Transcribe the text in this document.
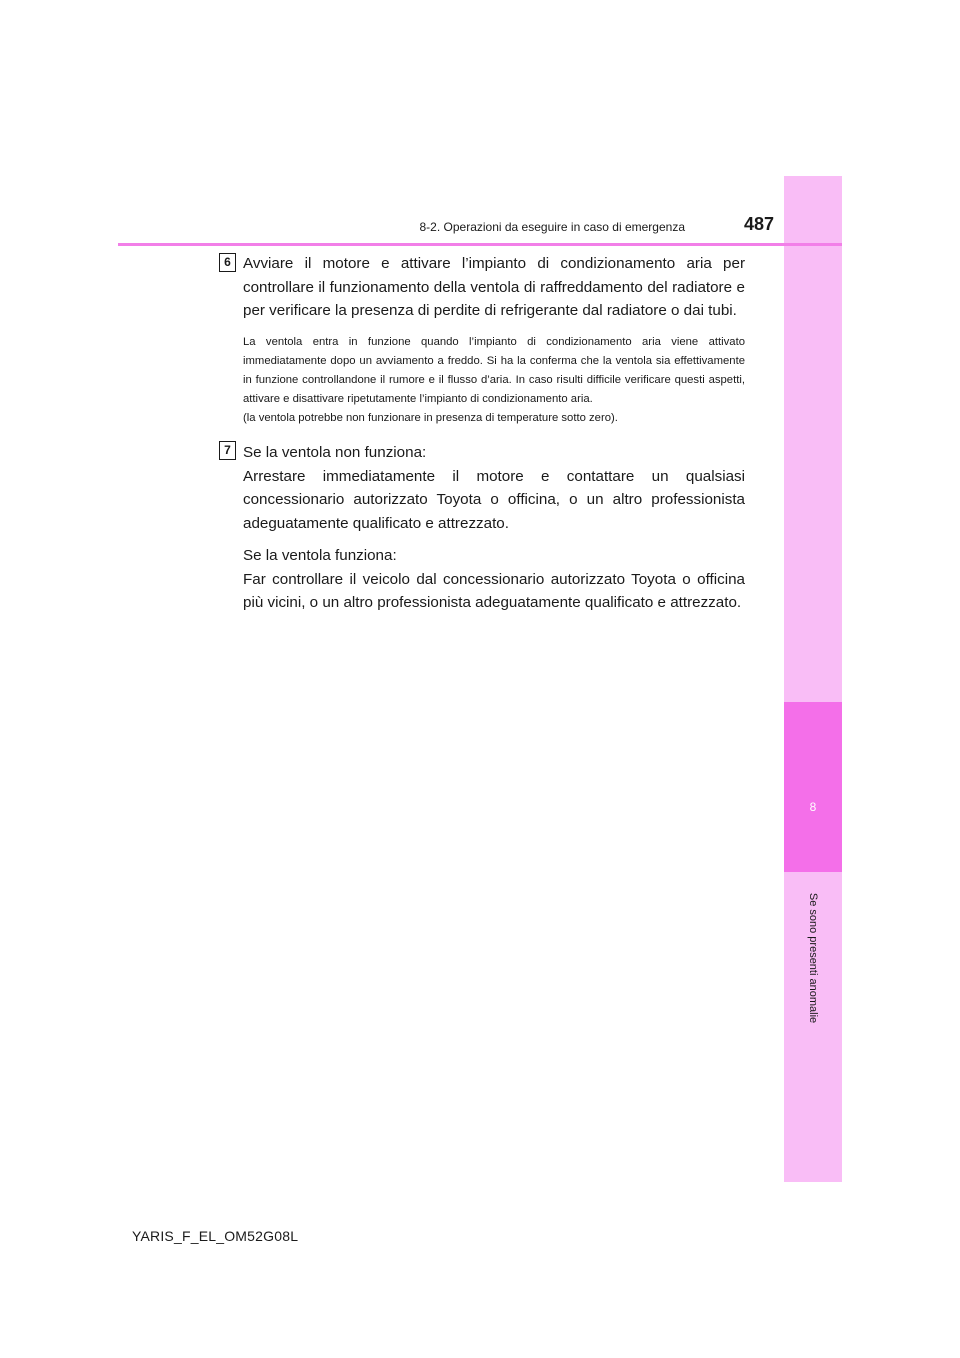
8
Se sono presenti anomalie
8-2. Operazioni da eseguire in caso di emergenza	487
6 Avviare il motore e attivare l’impianto di condizionamento aria per controllare il funzionamento della ventola di raffreddamento del radiatore e per verificare la presenza di perdite di refrigerante dal radiatore o dai tubi.

La ventola entra in funzione quando l’impianto di condizionamento aria viene attivato immediatamente dopo un avviamento a freddo. Si ha la conferma che la ventola sia effettivamente in funzione controllandone il rumore e il flusso d’aria. In caso risulti difficile verificare questi aspetti, attivare e disattivare ripetutamente l’impianto di condizionamento aria.

(la ventola potrebbe non funzionare in presenza di temperature sotto zero).

7 Se la ventola non funziona:

Arrestare immediatamente il motore e contattare un qualsiasi concessionario autorizzato Toyota o officina, o un altro professionista adeguatamente qualificato e attrezzato.

Se la ventola funziona:

Far controllare il veicolo dal concessionario autorizzato Toyota o officina più vicini, o un altro professionista adeguatamente qualificato e attrezzato.

YARIS_F_EL_OM52G08L
